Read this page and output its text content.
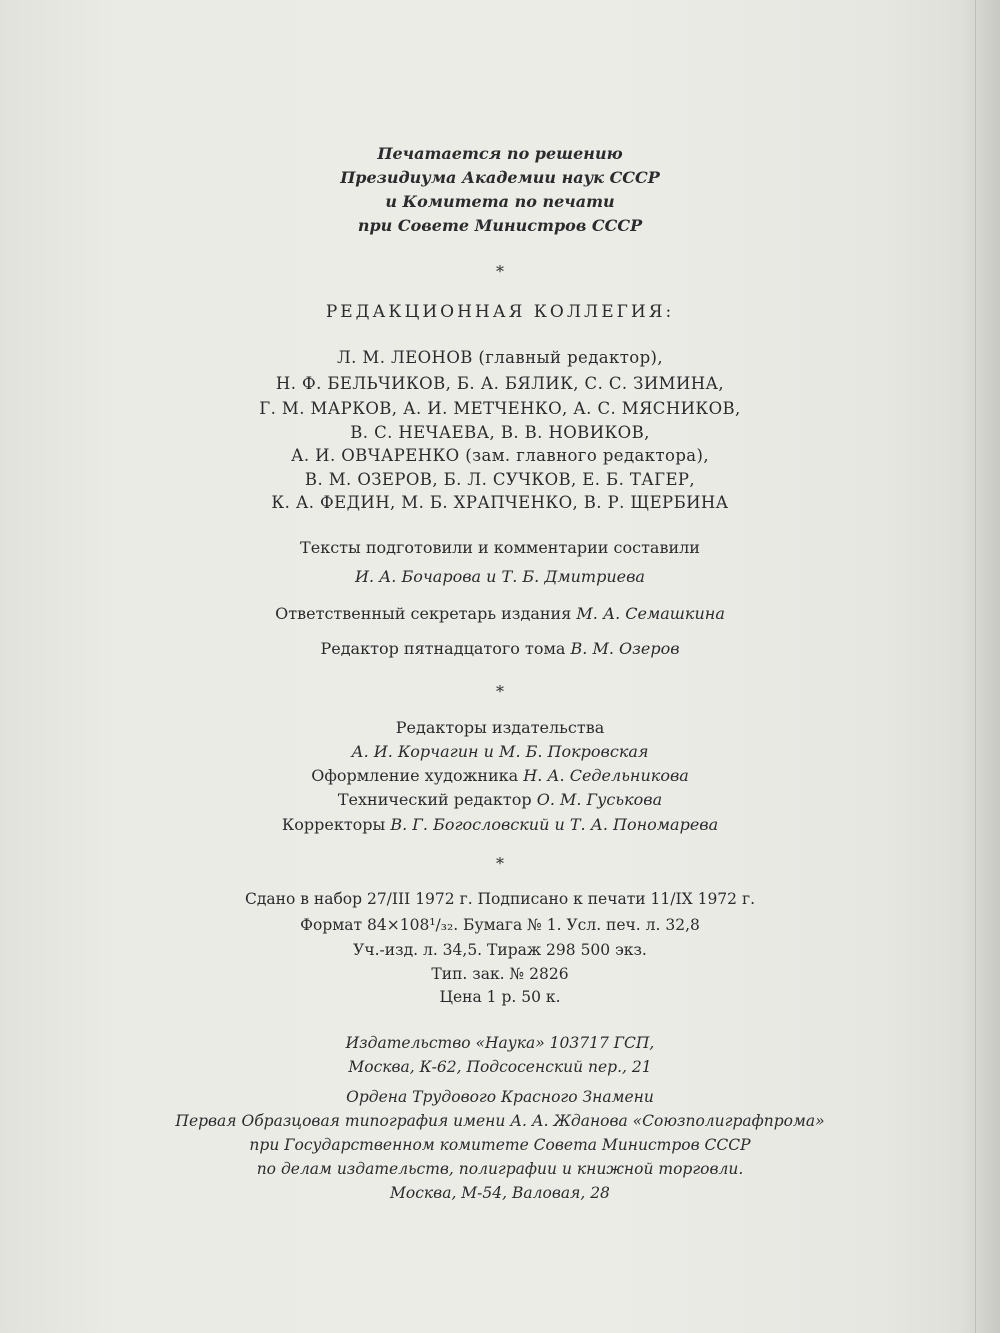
Печатается по решению
Президиума Академии наук СССР
и Комитета по печати
при Совете Министров СССР
*
РЕДАКЦИОННАЯ КОЛЛЕГИЯ:
Л. М. ЛЕОНОВ (главный редактор),
Н. Ф. БЕЛЬЧИКОВ, Б. А. БЯЛИК, С. С. ЗИМИНА,
Г. М. МАРКОВ, А. И. МЕТЧЕНКО, А. С. МЯСНИКОВ,
В. С. НЕЧАЕВА, В. В. НОВИКОВ,
А. И. ОВЧАРЕНКО (зам. главного редактора),
В. М. ОЗЕРОВ, Б. Л. СУЧКОВ, Е. Б. ТАГЕР,
К. А. ФЕДИН, М. Б. ХРАПЧЕНКО, В. Р. ЩЕРБИНА
Тексты подготовили и комментарии составили
И. А. Бочарова и Т. Б. Дмитриева
Ответственный секретарь издания М. А. Семашкина
Редактор пятнадцатого тома В. М. Озеров
*
Редакторы издательства
А. И. Корчагин и М. Б. Покровская
Оформление художника Н. А. Седельникова
Технический редактор О. М. Гуськова
Корректоры В. Г. Богословский и Т. А. Пономарева
*
Сдано в набор 27/III 1972 г. Подписано к печати 11/IX 1972 г.
Формат 84×108¹/₃₂. Бумага № 1. Усл. печ. л. 32,8
Уч.-изд. л. 34,5. Тираж 298 500 экз.
Тип. зак. № 2826
Цена 1 р. 50 к.
Издательство «Наука» 103717 ГСП,
Москва, К-62, Подсосенский пер., 21
Ордена Трудового Красного Знамени
Первая Образцовая типография имени А. А. Жданова «Союзполиграфпрома»
при Государственном комитете Совета Министров СССР
по делам издательств, полиграфии и книжной торговли.
Москва, М-54, Валовая, 28
